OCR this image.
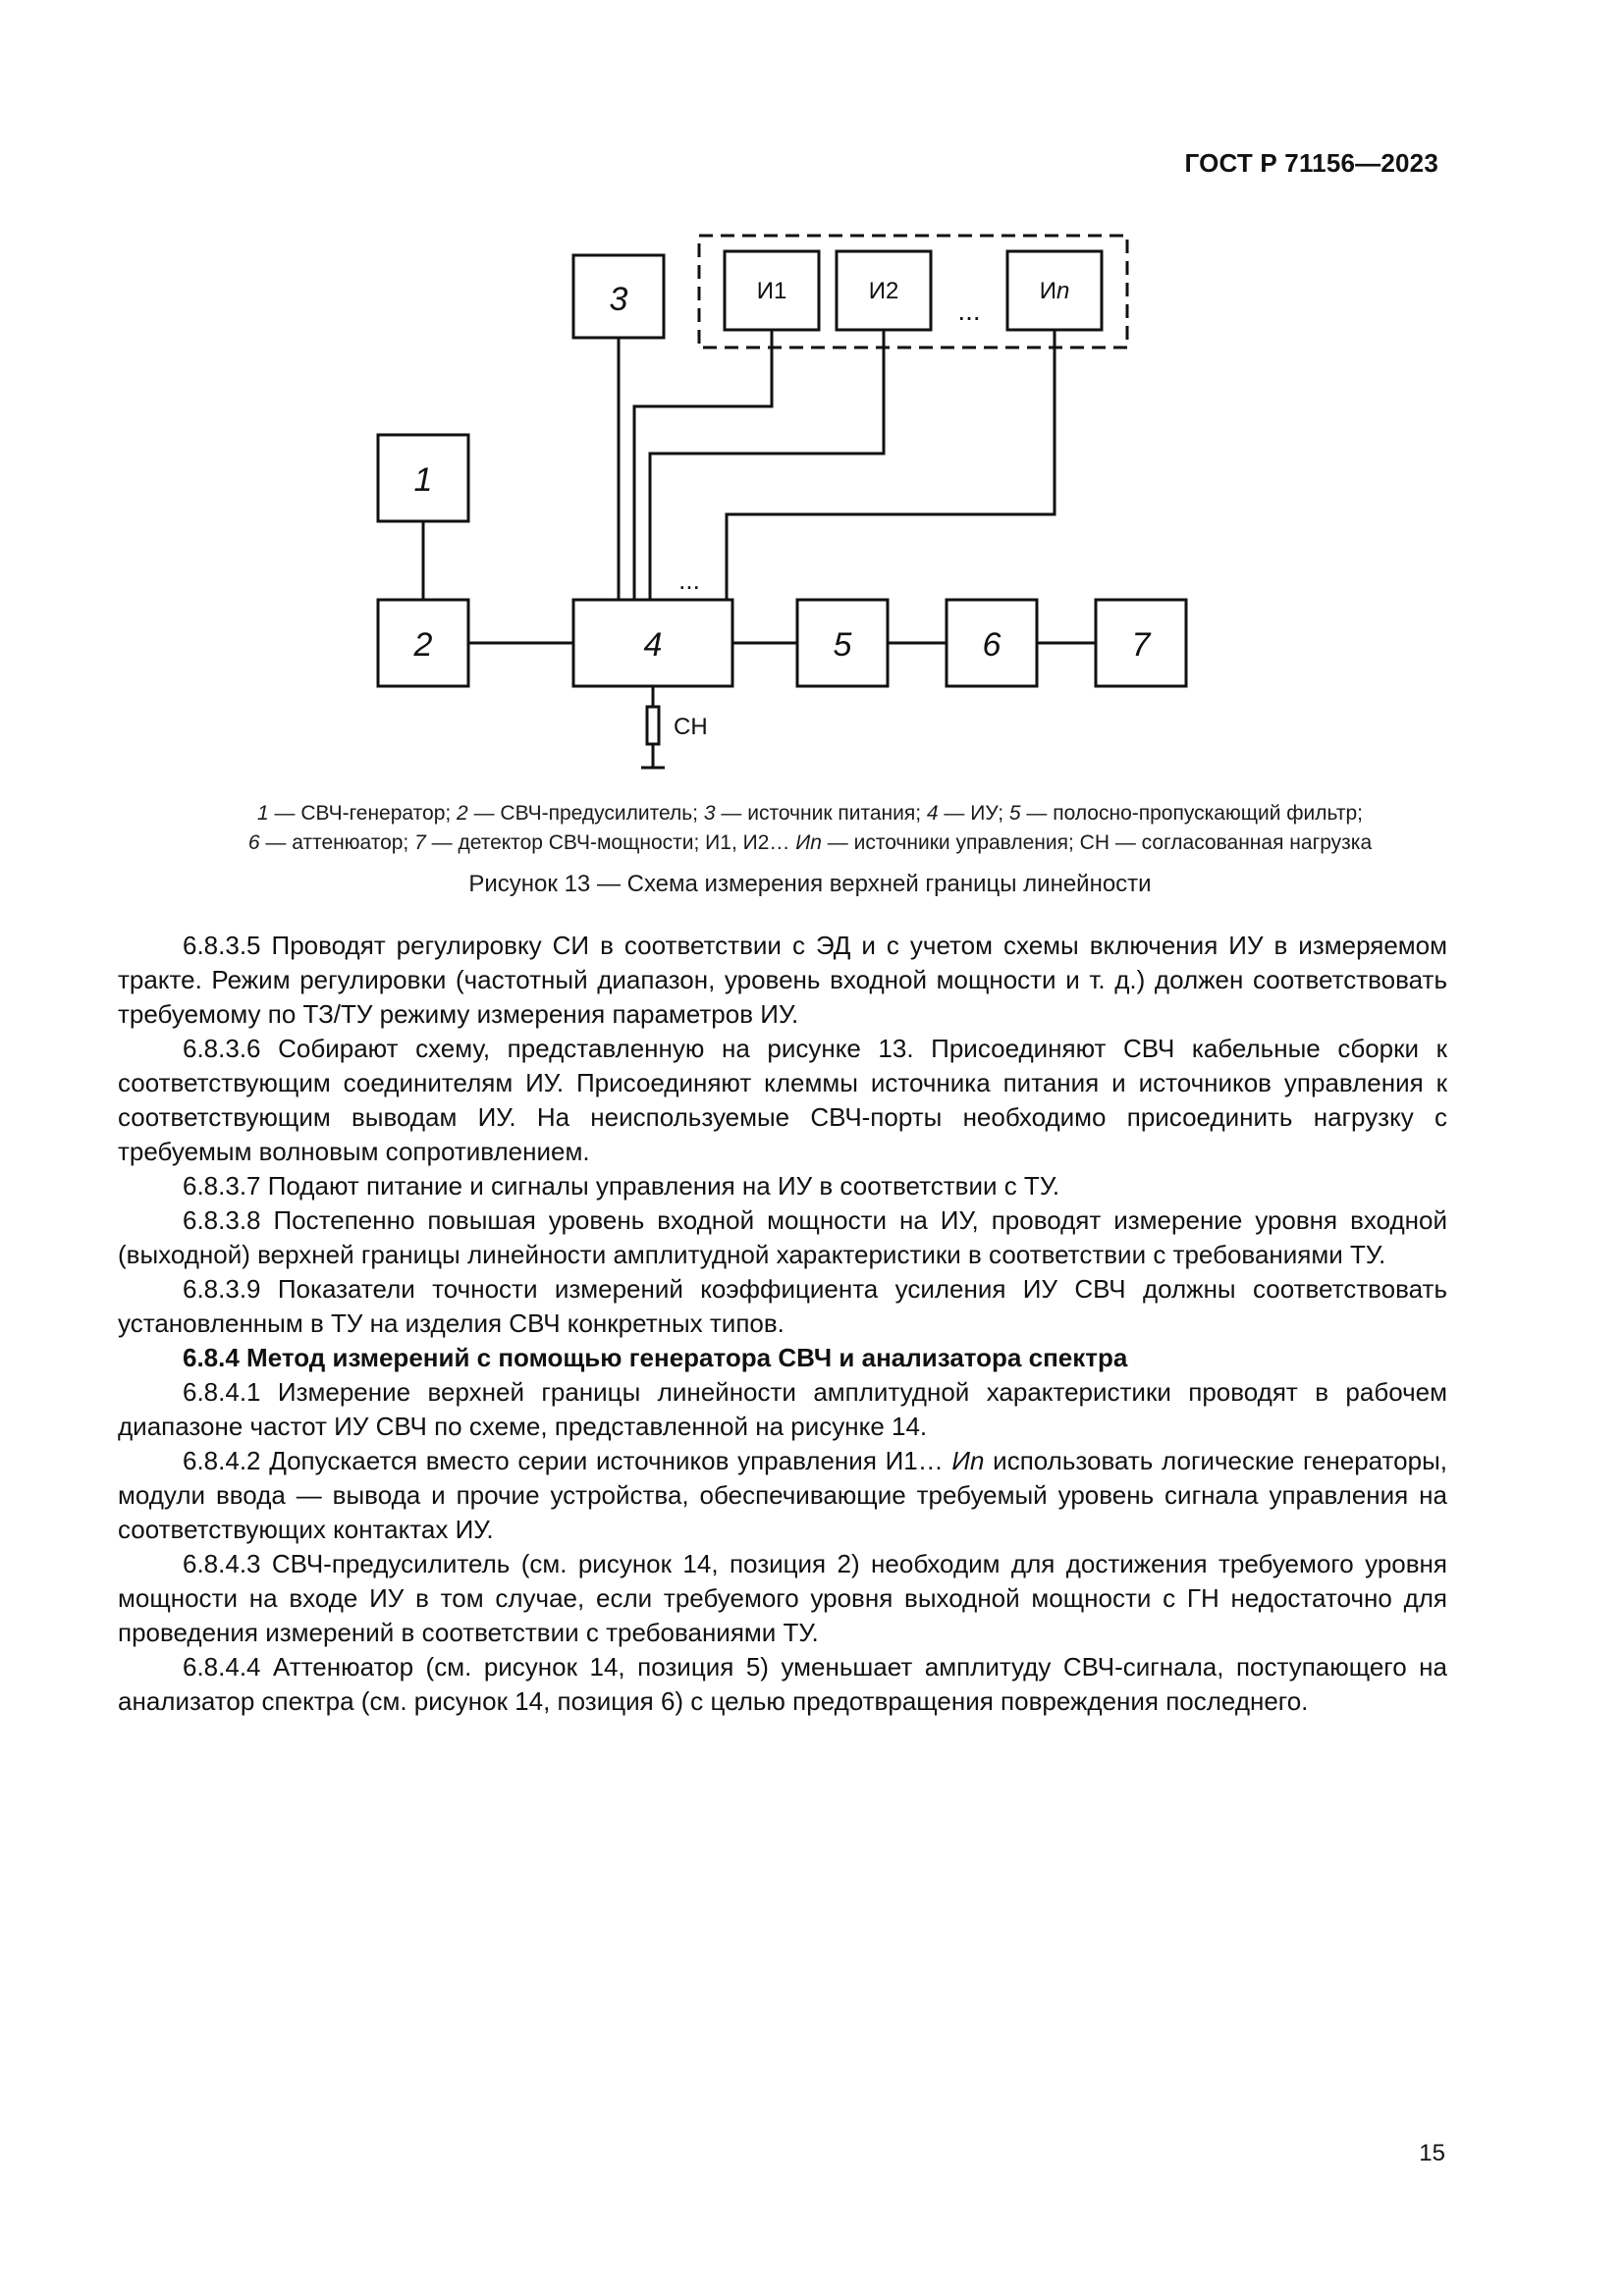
ГОСТ Р 71156—2023
1
2
3
4	5	6	7
И1	И2	Иn
...
...
СН
1 — СВЧ-генератор; 2 — СВЧ-предусилитель; 3 — источник питания; 4 — ИУ; 5 — полосно-пропускающий фильтр;
6 — аттенюатор; 7 — детектор СВЧ-мощности; И1, И2… Иn — источники управления; СН — согласованная нагрузка
Рисунок 13 — Схема измерения верхней границы линейности

6.8.3.5 Проводят регулировку СИ в соответствии с ЭД и с учетом схемы включения ИУ в измеряемом тракте. Режим регулировки (частотный диапазон, уровень входной мощности и т. д.) должен соответствовать требуемому по ТЗ/ТУ режиму измерения параметров ИУ.

6.8.3.6 Собирают схему, представленную на рисунке 13. Присоединяют СВЧ кабельные сборки к соответствующим соединителям ИУ. Присоединяют клеммы источника питания и источников управления к соответствующим выводам ИУ. На неиспользуемые СВЧ-порты необходимо присоединить нагрузку с требуемым волновым сопротивлением.

6.8.3.7 Подают питание и сигналы управления на ИУ в соответствии с ТУ.

6.8.3.8 Постепенно повышая уровень входной мощности на ИУ, проводят измерение уровня входной (выходной) верхней границы линейности амплитудной характеристики в соответствии с требованиями ТУ.

6.8.3.9 Показатели точности измерений коэффициента усиления ИУ СВЧ должны соответствовать установленным в ТУ на изделия СВЧ конкретных типов.

6.8.4 Метод измерений с помощью генератора СВЧ и анализатора спектра

6.8.4.1 Измерение верхней границы линейности амплитудной характеристики проводят в рабочем диапазоне частот ИУ СВЧ по схеме, представленной на рисунке 14.

6.8.4.2 Допускается вместо серии источников управления И1… Иn использовать логические генераторы, модули ввода — вывода и прочие устройства, обеспечивающие требуемый уровень сигнала управления на соответствующих контактах ИУ.

6.8.4.3 СВЧ-предусилитель (см. рисунок 14, позиция 2) необходим для достижения требуемого уровня мощности на входе ИУ в том случае, если требуемого уровня выходной мощности с ГН недостаточно для проведения измерений в соответствии с требованиями ТУ.

6.8.4.4 Аттенюатор (см. рисунок 14, позиция 5) уменьшает амплитуду СВЧ-сигнала, поступающего на анализатор спектра (см. рисунок 14, позиция 6) с целью предотвращения повреждения последнего.

15
